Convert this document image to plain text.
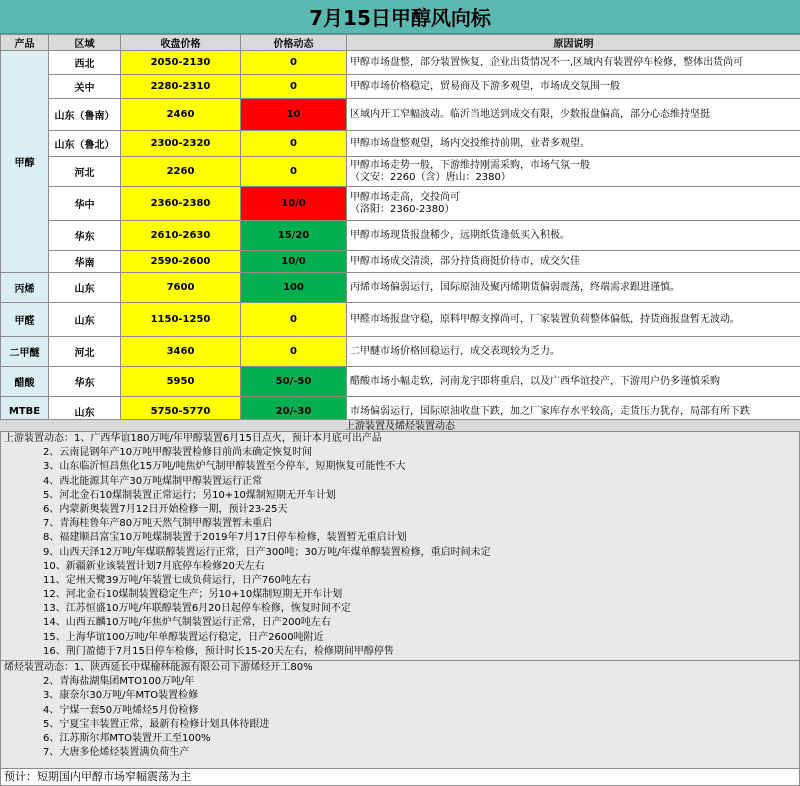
7月15日甲醇风向标
产品	区域	收盘价格	价格动态	原因说明
甲醇	西北	2050-2130	0	甲醇市场盘整，部分装置恢复，企业出货情况不一,区域内有装置停车检修，整体出货尚可
	关中	2280-2310	0	甲醇市场价格稳定，贸易商及下游多观望，市场成交氛围一般
	山东（鲁南）	2460	10	区域内开工窄幅波动。临沂当地送到成交有限，少数报盘偏高，部分心态维持坚挺
	山东（鲁北）	2300-2320	0	甲醇市场盘整观望，场内交投维持前期，业者多观望。
	河北	2260	0	甲醇市场走势一般，下游维持刚需采购，市场气氛一般
（文安：2260（含）唐山：2380）
	华中	2360-2380	10/0	甲醇市场走高，交投尚可
（洛阳：2360-2380）
	华东	2610-2630	15/20	甲醇市场现货报盘稀少，远期纸货逢低买入积极。
	华南	2590-2600	10/0	甲醇市场成交清淡，部分持货商挺价待市，成交欠佳
丙烯	山东	7600	100	丙烯市场偏弱运行，国际原油及聚丙烯期货偏弱震荡，终端需求跟进谨慎。
甲醛	山东	1150-1250	0	甲醛市场报盘守稳，原料甲醇支撑尚可，厂家装置负荷整体偏低，持货商报盘暂无波动。
二甲醚	河北	3460	0	二甲醚市场价格回稳运行，成交表现较为乏力。
醋酸	华东	5950	50/-50	醋酸市场小幅走软，河南龙宇即将重启，以及广西华谊投产，下游用户仍多谨慎采购
MTBE	山东	5750-5770	20/-30	市场偏弱运行，国际原油收盘下跌，加之厂家库存水平较高，走货压力犹存，局部有所下跌
上游装置及烯烃装置动态
上游装置动态：1、广西华谊180万吨/年甲醇装置6月15日点火，预计本月底可出产品
2、云南昆钢年产10万吨甲醇装置检修目前尚未确定恢复时间
3、山东临沂恒昌焦化15万吨/吨焦炉气制甲醇装置至今停车，短期恢复可能性不大
4、西北能源其年产30万吨煤制甲醇装置运行正常
5、河北金石10煤制装置正常运行；另10+10煤制短期无开车计划
6、内蒙新奥装置7月12日开始检修一期，预计23-25天
7、青海桂鲁年产80万吨天然气制甲醇装置暂未重启
8、福建顺昌富宝10万吨煤制装置于2019年7月17日停车检修，装置暂无重启计划
9、山西天泽12万吨/年煤联醇装置运行正常，日产300吨；30万吨/年煤单醇装置检修，重启时间未定
10、新疆新业该装置计划7月底停车检修20天左右
11、定州天鹭39万吨/年装置七成负荷运行，日产760吨左右
12、河北金石10煤制装置稳定生产；另10+10煤制短期无开车计划
13、江苏恒盛10万吨/年联醇装置6月20日起停车检修，恢复时间不定
14、山西五麟10万吨/年焦炉气制装置运行正常，日产200吨左右
15、上海华谊100万吨/年单醇装置运行稳定，日产2600吨附近
16、荆门盈德于7月15日停车检修，预计时长15-20天左右，检修期间甲醇停售
烯烃装置动态：1、陕西延长中煤榆林能源有限公司下游烯烃开工80%
2、青海盐湖集团MTO100万吨/年
3、康奈尔30万吨/年MTO装置检修
4、宁煤一套50万吨烯烃5月份检修
5、宁夏宝丰装置正常，最新有检修计划具体待跟进
6、江苏斯尔邦MTO装置开工至100%
7、大唐多伦烯烃装置满负荷生产
预计：短期国内甲醇市场窄幅震荡为主
